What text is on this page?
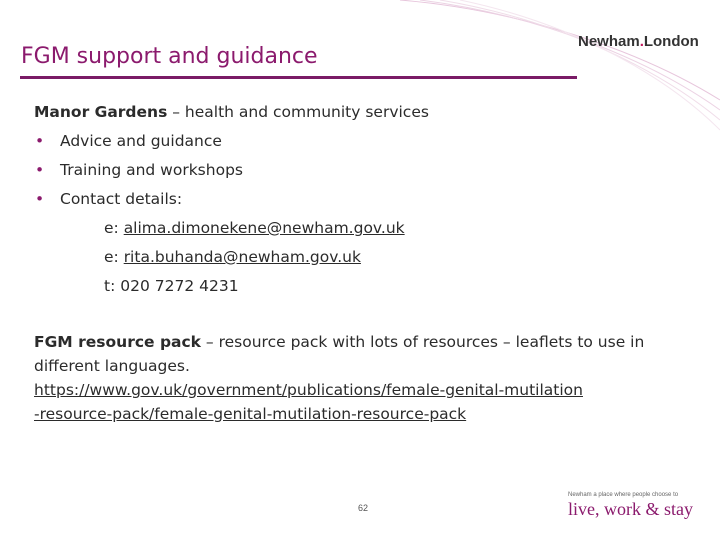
FGM support and guidance
Newham.London

Manor Gardens – health and community services

• Advice and guidance
• Training and workshops
• Contact details:
e: alima.dimonekene@newham.gov.uk
e: rita.buhanda@newham.gov.uk
t: 020 7272 4231
FGM resource pack – resource pack with lots of resources – leaflets to use in different languages.
https://www.gov.uk/government/publications/female-genital-mutilation
-resource-pack/female-genital-mutilation-resource-pack
62
Newham a place where people choose to
live, work & stay
